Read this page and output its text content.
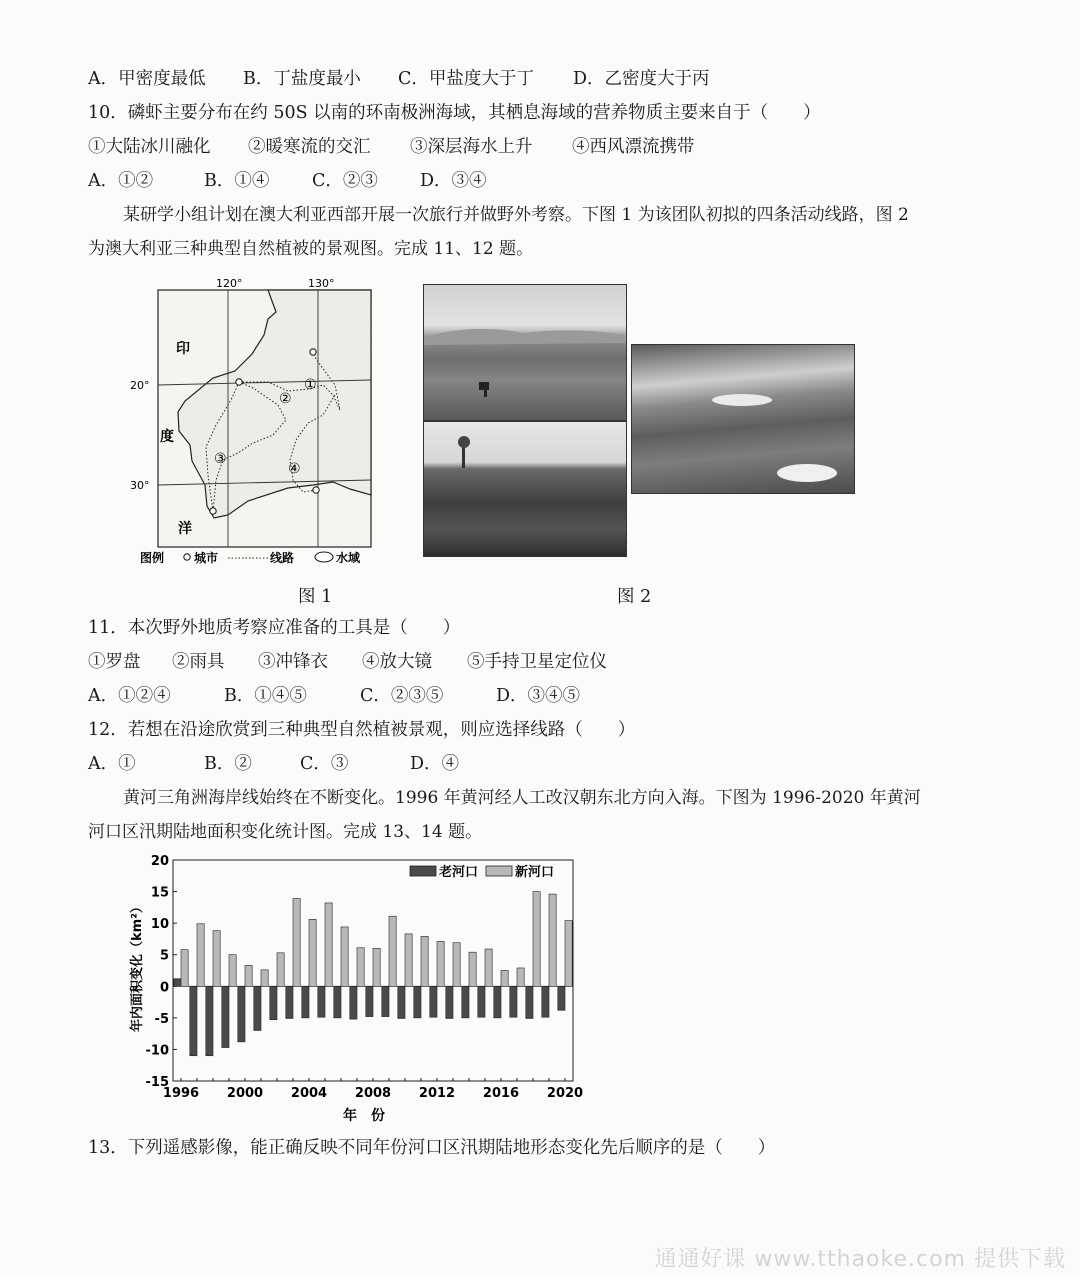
A．甲密度最低 B．丁盐度最小 C．甲盐度大于丁 D．乙密度大于丙
10．磷虾主要分布在约 50S 以南的环南极洲海域，其栖息海域的营养物质主要来自于（　　）
①大陆冰川融化 ②暖寒流的交汇 ③深层海水上升 ④西风漂流携带
A．①②	B．①④ C．②③ D．③④
某研学小组计划在澳大利亚西部开展一次旅行并做野外考察。下图 1 为该团队初拟的四条活动线路，图 2
为澳大利亚三种典型自然植被的景观图。完成 11、12 题。
120°	130°
20°
30°
印
度
洋
①
②
③
④
图例 城市	线路	水域
图 1	图 2
11．本次野外地质考察应准备的工具是（　　）
①罗盘 ②雨具 ③冲锋衣 ④放大镜 ⑤手持卫星定位仪
A．①②④	B．①④⑤	C．②③⑤	D．③④⑤
12．若想在沿途欣赏到三种典型自然植被景观，则应选择线路（　　）
A．①	B．②	C．③	D．④
黄河三角洲海岸线始终在不断变化。1996 年黄河经人工改汉朝东北方向入海。下图为 1996-2020 年黄河
河口区汛期陆地面积变化统计图。完成 13、14 题。
20
15
10
5
0
-5
-10
-15
1996 2000 2004 2008 2012 2016 2020
老河口	新河口
年内面积变化（km²）
年　份
13．下列遥感影像，能正确反映不同年份河口区汛期陆地形态变化先后顺序的是（　　）
通通好课 www.tthaoke.com 提供下载
